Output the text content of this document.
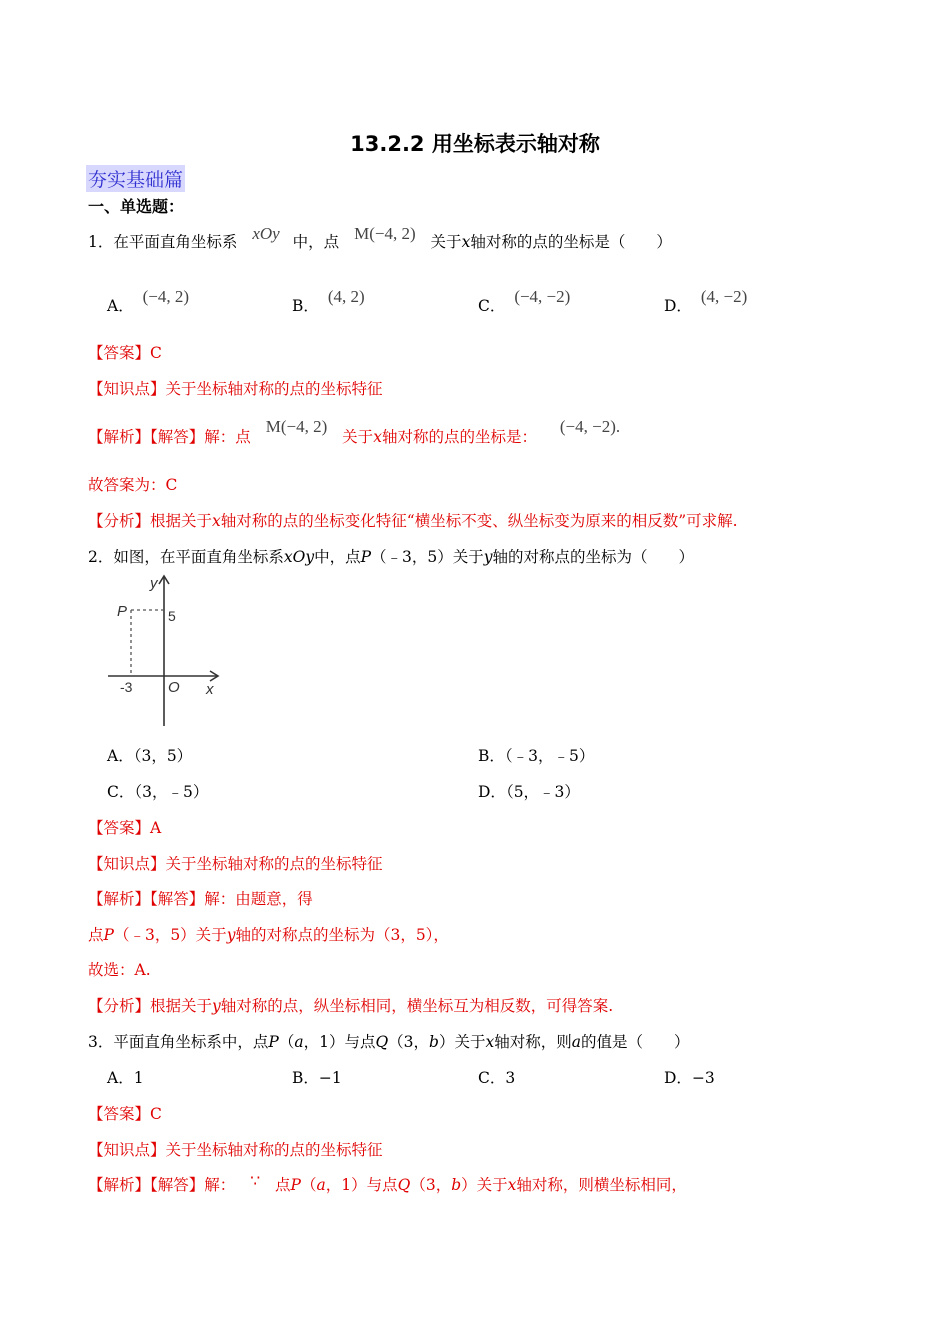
13.2.2 用坐标表示轴对称
夯实基础篇
一、单选题：
1．在平面直角坐标系 xOy 中，点 M(−4, 2) 关于x轴对称的点的坐标是（　　）
A． (−4, 2)	B． (4, 2)	C． (−4, −2)	D． (4, −2)
【答案】C
【知识点】关于坐标轴对称的点的坐标特征
【解析】【解答】解：点 M(−4, 2) 关于x轴对称的点的坐标是： (−4, −2).
故答案为：C
【分析】根据关于x轴对称的点的坐标变化特征“横坐标不变、纵坐标变为原来的相反数”可求解.
2．如图，在平面直角坐标系xOy中，点P（﹣3，5）关于y轴的对称点的坐标为（　　）
y
x
O
P	5
-3
A．（3，5）	B．（﹣3，﹣5）
C．（3，﹣5）	D．（5，﹣3）
【答案】A
【知识点】关于坐标轴对称的点的坐标特征
【解析】【解答】解：由题意，得
点P（﹣3，5）关于y轴的对称点的坐标为（3，5），
故选：A.
【分析】根据关于y轴对称的点，纵坐标相同，横坐标互为相反数，可得答案.
3．平面直角坐标系中，点P（a，1）与点Q（3，b）关于x轴对称，则a的值是（　　）
A．1	B．−1	C．3	D．−3
【答案】C
【知识点】关于坐标轴对称的点的坐标特征
【解析】【解答】解： ∵ 点P（a，1）与点Q（3，b）关于x轴对称，则横坐标相同，
